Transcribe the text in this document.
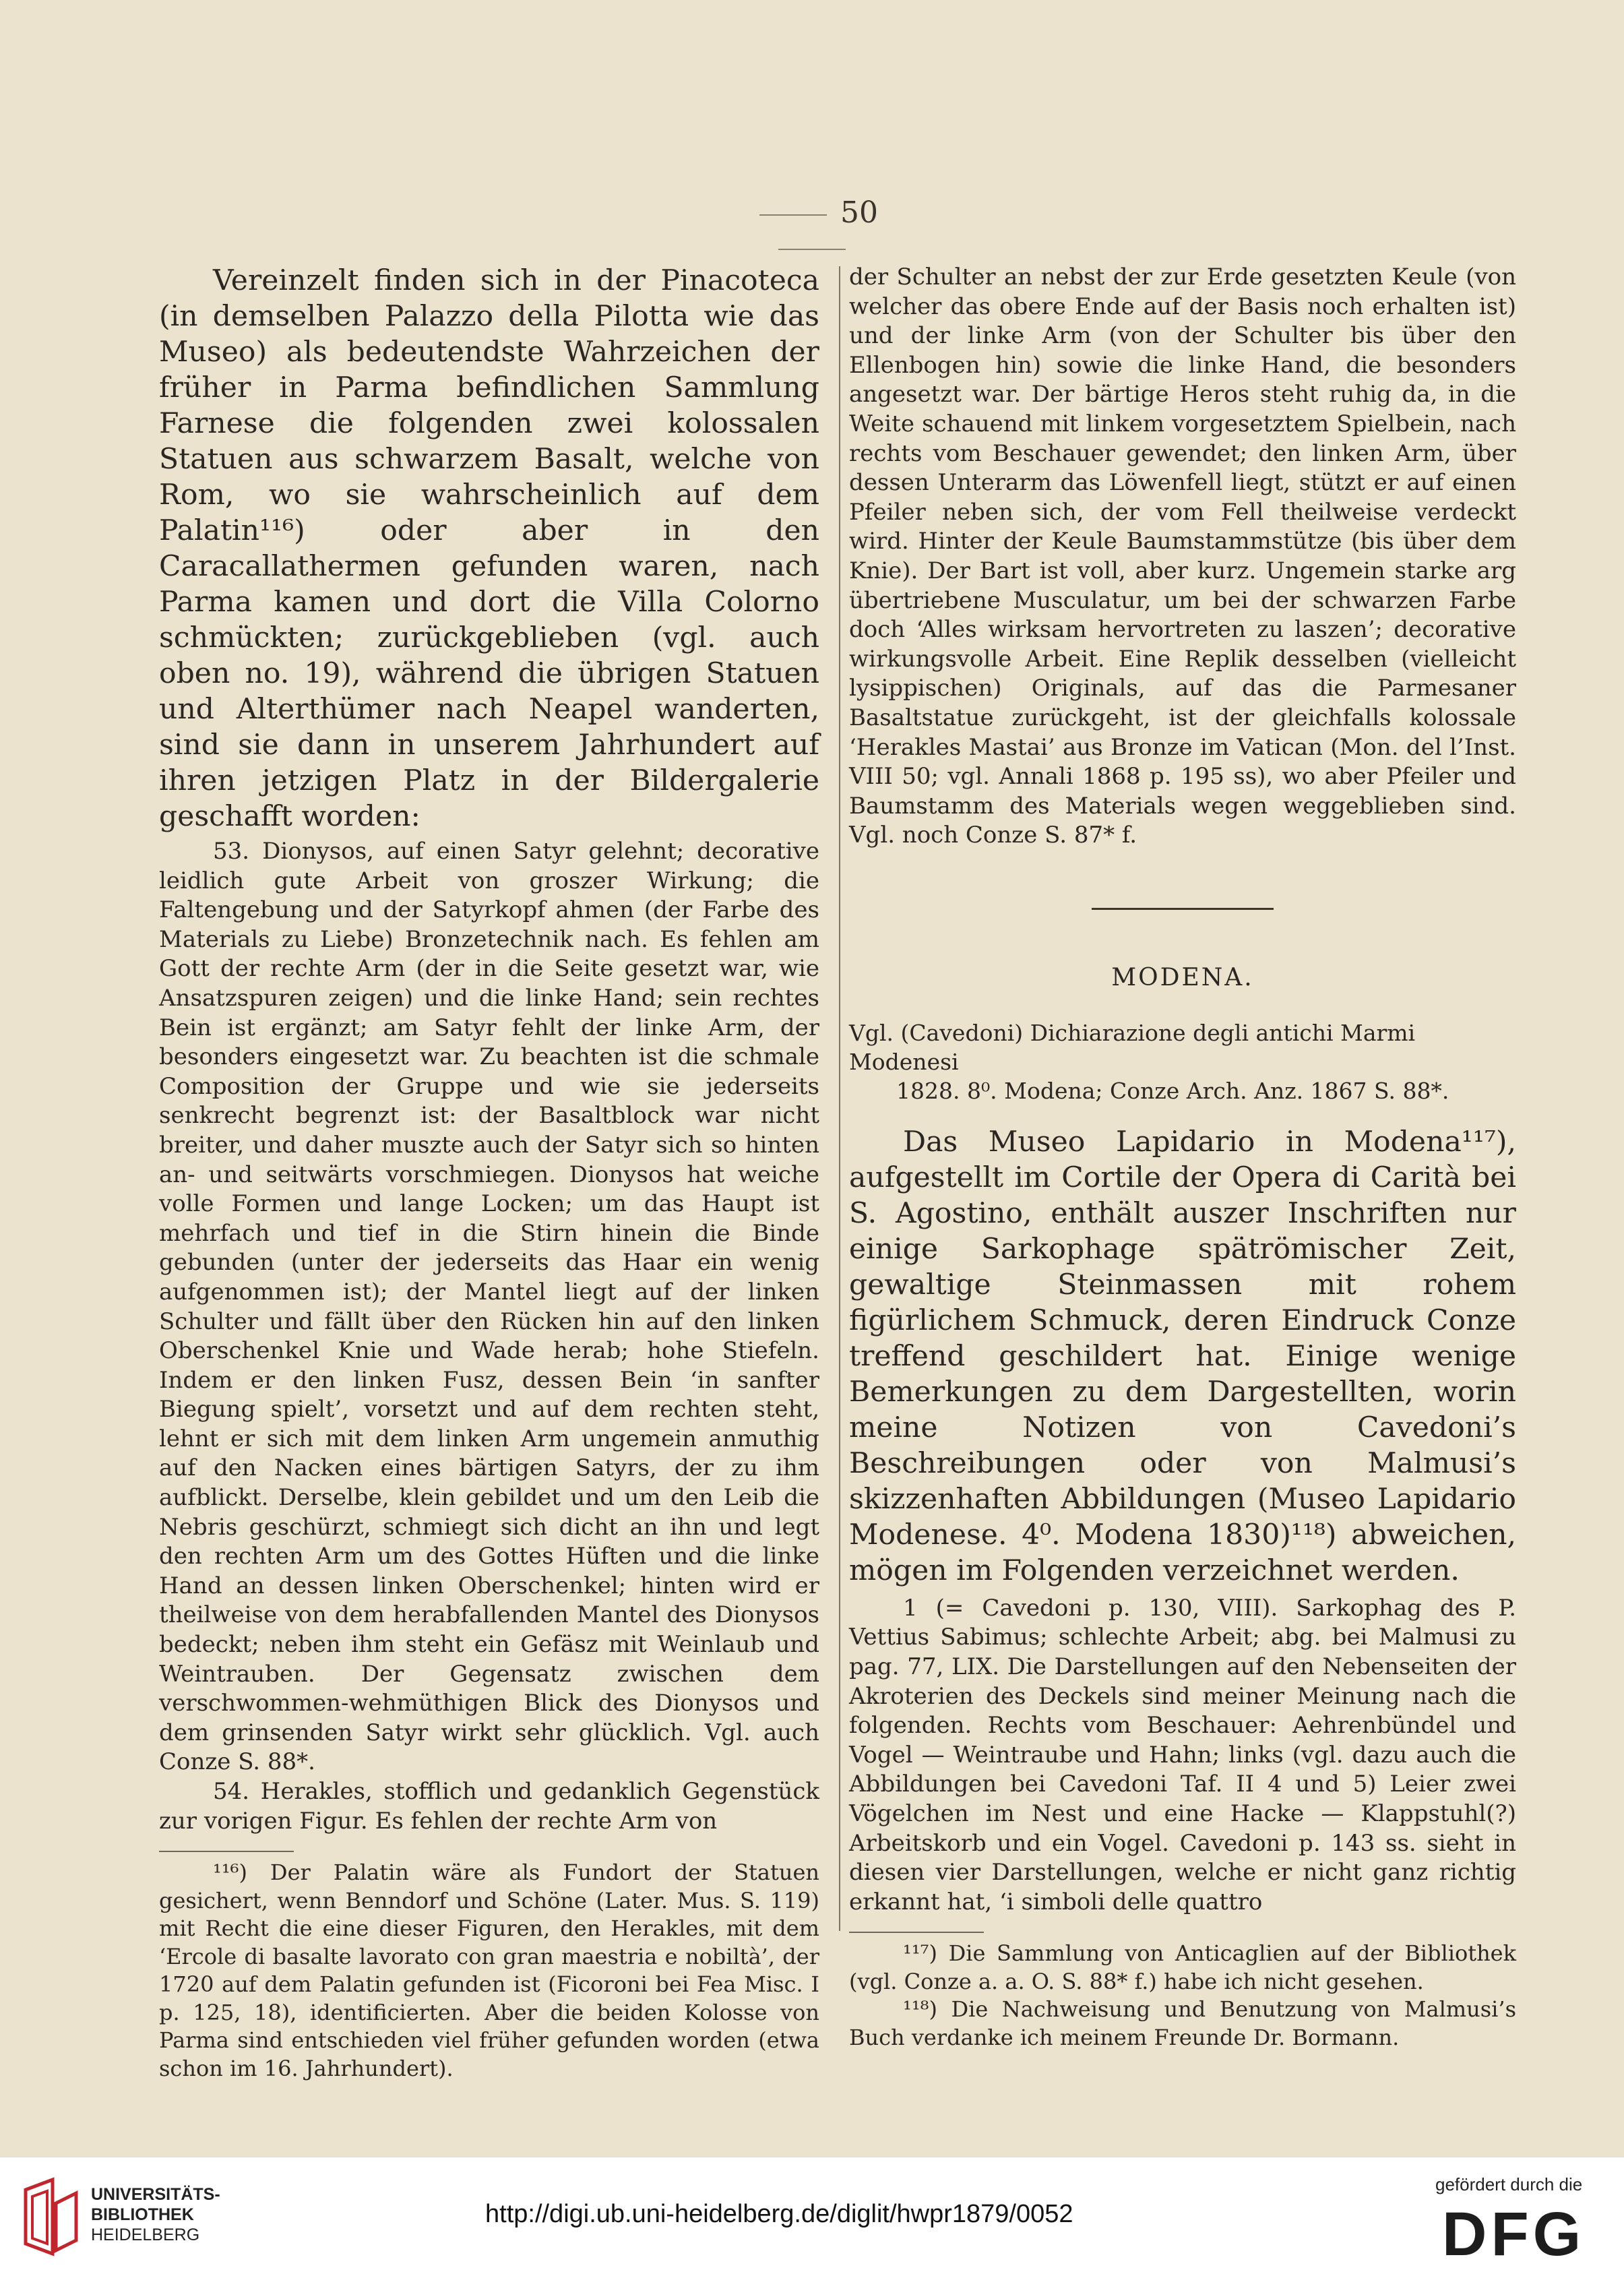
50

Vereinzelt finden sich in der Pinacoteca (in demselben Palazzo della Pilotta wie das Museo) als bedeutendste Wahrzeichen der früher in Parma befindlichen Sammlung Farnese die folgenden zwei kolossalen Statuen aus schwarzem Basalt, welche von Rom, wo sie wahrscheinlich auf dem Palatin¹¹⁶) oder aber in den Caracallathermen gefunden waren, nach Parma kamen und dort die Villa Colorno schmückten; zurückgeblieben (vgl. auch oben no. 19), während die übrigen Statuen und Alterthümer nach Neapel wanderten, sind sie dann in unserem Jahrhundert auf ihren jetzigen Platz in der Bildergalerie geschafft worden:

53. Dionysos, auf einen Satyr gelehnt; decorative leidlich gute Arbeit von groszer Wirkung; die Faltengebung und der Satyrkopf ahmen (der Farbe des Materials zu Liebe) Bronzetechnik nach. Es fehlen am Gott der rechte Arm (der in die Seite gesetzt war, wie Ansatzspuren zeigen) und die linke Hand; sein rechtes Bein ist ergänzt; am Satyr fehlt der linke Arm, der besonders eingesetzt war. Zu beachten ist die schmale Composition der Gruppe und wie sie jederseits senkrecht begrenzt ist: der Basaltblock war nicht breiter, und daher muszte auch der Satyr sich so hinten an- und seitwärts vorschmiegen. Dionysos hat weiche volle Formen und lange Locken; um das Haupt ist mehrfach und tief in die Stirn hinein die Binde gebunden (unter der jederseits das Haar ein wenig aufgenommen ist); der Mantel liegt auf der linken Schulter und fällt über den Rücken hin auf den linken Oberschenkel Knie und Wade herab; hohe Stiefeln. Indem er den linken Fusz, dessen Bein ‘in sanfter Biegung spielt’, vorsetzt und auf dem rechten steht, lehnt er sich mit dem linken Arm ungemein anmuthig auf den Nacken eines bärtigen Satyrs, der zu ihm aufblickt. Derselbe, klein gebildet und um den Leib die Nebris geschürzt, schmiegt sich dicht an ihn und legt den rechten Arm um des Gottes Hüften und die linke Hand an dessen linken Oberschenkel; hinten wird er theilweise von dem herabfallenden Mantel des Dionysos bedeckt; neben ihm steht ein Gefäsz mit Weinlaub und Weintrauben. Der Gegensatz zwischen dem verschwommen-wehmüthigen Blick des Dionysos und dem grinsenden Satyr wirkt sehr glücklich. Vgl. auch Conze S. 88*.

54. Herakles, stofflich und gedanklich Gegenstück zur vorigen Figur. Es fehlen der rechte Arm von

¹¹⁶) Der Palatin wäre als Fundort der Statuen gesichert, wenn Benndorf und Schöne (Later. Mus. S. 119) mit Recht die eine dieser Figuren, den Herakles, mit dem ‘Ercole di basalte lavorato con gran maestria e nobiltà’, der 1720 auf dem Palatin gefunden ist (Ficoroni bei Fea Misc. I p. 125, 18), identificierten. Aber die beiden Kolosse von Parma sind entschieden viel früher gefunden worden (etwa schon im 16. Jahrhundert).

der Schulter an nebst der zur Erde gesetzten Keule (von welcher das obere Ende auf der Basis noch erhalten ist) und der linke Arm (von der Schulter bis über den Ellenbogen hin) sowie die linke Hand, die besonders angesetzt war. Der bärtige Heros steht ruhig da, in die Weite schauend mit linkem vorgesetztem Spielbein, nach rechts vom Beschauer gewendet; den linken Arm, über dessen Unterarm das Löwenfell liegt, stützt er auf einen Pfeiler neben sich, der vom Fell theilweise verdeckt wird. Hinter der Keule Baumstammstütze (bis über dem Knie). Der Bart ist voll, aber kurz. Ungemein starke arg übertriebene Musculatur, um bei der schwarzen Farbe doch ‘Alles wirksam hervortreten zu laszen’; decorative wirkungsvolle Arbeit. Eine Replik desselben (vielleicht lysippischen) Originals, auf das die Parmesaner Basaltstatue zurückgeht, ist der gleichfalls kolossale ‘Herakles Mastai’ aus Bronze im Vatican (Mon. del l’Inst. VIII 50; vgl. Annali 1868 p. 195 ss), wo aber Pfeiler und Baumstamm des Materials wegen weggeblieben sind. Vgl. noch Conze S. 87* f.

MODENA.
Vgl. (Cavedoni) Dichiarazione degli antichi Marmi Modenesi
1828. 8⁰. Modena; Conze Arch. Anz. 1867 S. 88*.

Das Museo Lapidario in Modena¹¹⁷), aufgestellt im Cortile der Opera di Carità bei S. Agostino, enthält auszer Inschriften nur einige Sarkophage spätrömischer Zeit, gewaltige Steinmassen mit rohem figürlichem Schmuck, deren Eindruck Conze treffend geschildert hat. Einige wenige Bemerkungen zu dem Dargestellten, worin meine Notizen von Cavedoni’s Beschreibungen oder von Malmusi’s skizzenhaften Abbildungen (Museo Lapidario Modenese. 4⁰. Modena 1830)¹¹⁸) abweichen, mögen im Folgenden verzeichnet werden.

1 (= Cavedoni p. 130, VIII). Sarkophag des P. Vettius Sabimus; schlechte Arbeit; abg. bei Malmusi zu pag. 77, LIX. Die Darstellungen auf den Nebenseiten der Akroterien des Deckels sind meiner Meinung nach die folgenden. Rechts vom Beschauer: Aehrenbündel und Vogel — Weintraube und Hahn; links (vgl. dazu auch die Abbildungen bei Cavedoni Taf. II 4 und 5) Leier zwei Vögelchen im Nest und eine Hacke — Klappstuhl(?) Arbeitskorb und ein Vogel. Cavedoni p. 143 ss. sieht in diesen vier Darstellungen, welche er nicht ganz richtig erkannt hat, ‘i simboli delle quattro

¹¹⁷) Die Sammlung von Anticaglien auf der Bibliothek (vgl. Conze a. a. O. S. 88* f.) habe ich nicht gesehen.

¹¹⁸) Die Nachweisung und Benutzung von Malmusi’s Buch verdanke ich meinem Freunde Dr. Bormann.

UNIVERSITÄTS-
BIBLIOTHEK
HEIDELBERG
http://digi.ub.uni-heidelberg.de/diglit/hwpr1879/0052
gefördert durch die
DFG
